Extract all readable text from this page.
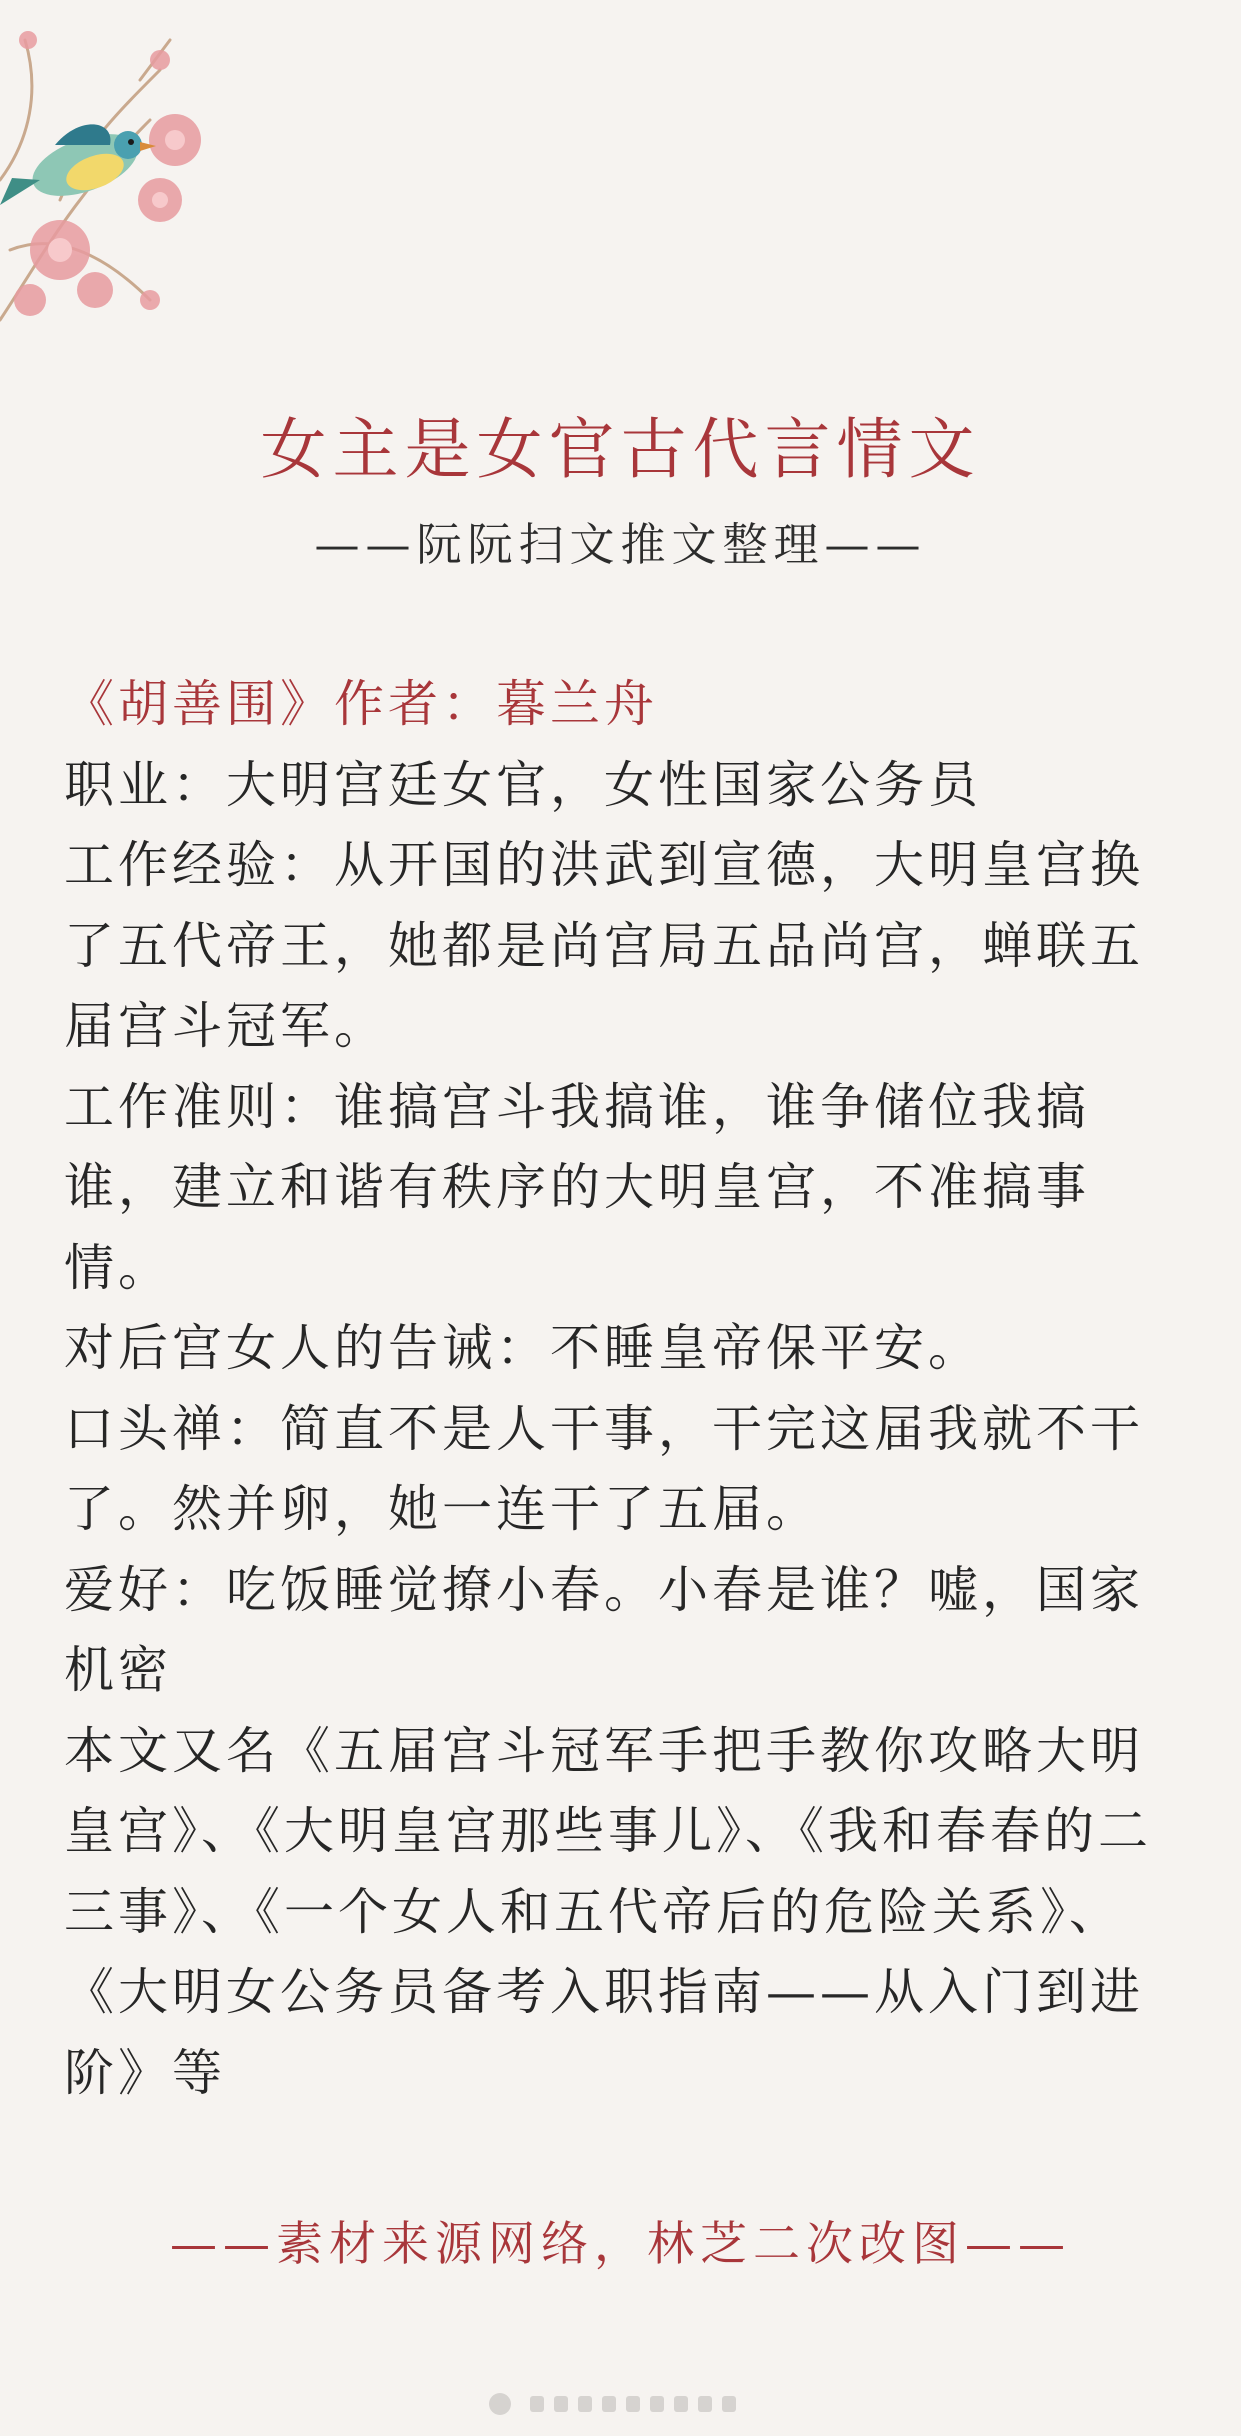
女主是女官古代言情文
——阮阮扫文推文整理——

《胡善围》作者：暮兰舟

职业：大明宫廷女官，女性国家公务员

工作经验：从开国的洪武到宣德，大明皇宫换了五代帝王，她都是尚宫局五品尚宫，蝉联五届宫斗冠军。

工作准则：谁搞宫斗我搞谁，谁争储位我搞谁，建立和谐有秩序的大明皇宫，不准搞事情。

对后宫女人的告诫：不睡皇帝保平安。

口头禅：简直不是人干事，干完这届我就不干了。然并卵，她一连干了五届。

爱好：吃饭睡觉撩小春。小春是谁？嘘，国家机密

本文又名《五届宫斗冠军手把手教你攻略大明皇宫》、《大明皇宫那些事儿》、《我和春春的二三事》、《一个女人和五代帝后的危险关系》、《大明女公务员备考入职指南——从入门到进阶》等

——素材来源网络，林芝二次改图——
